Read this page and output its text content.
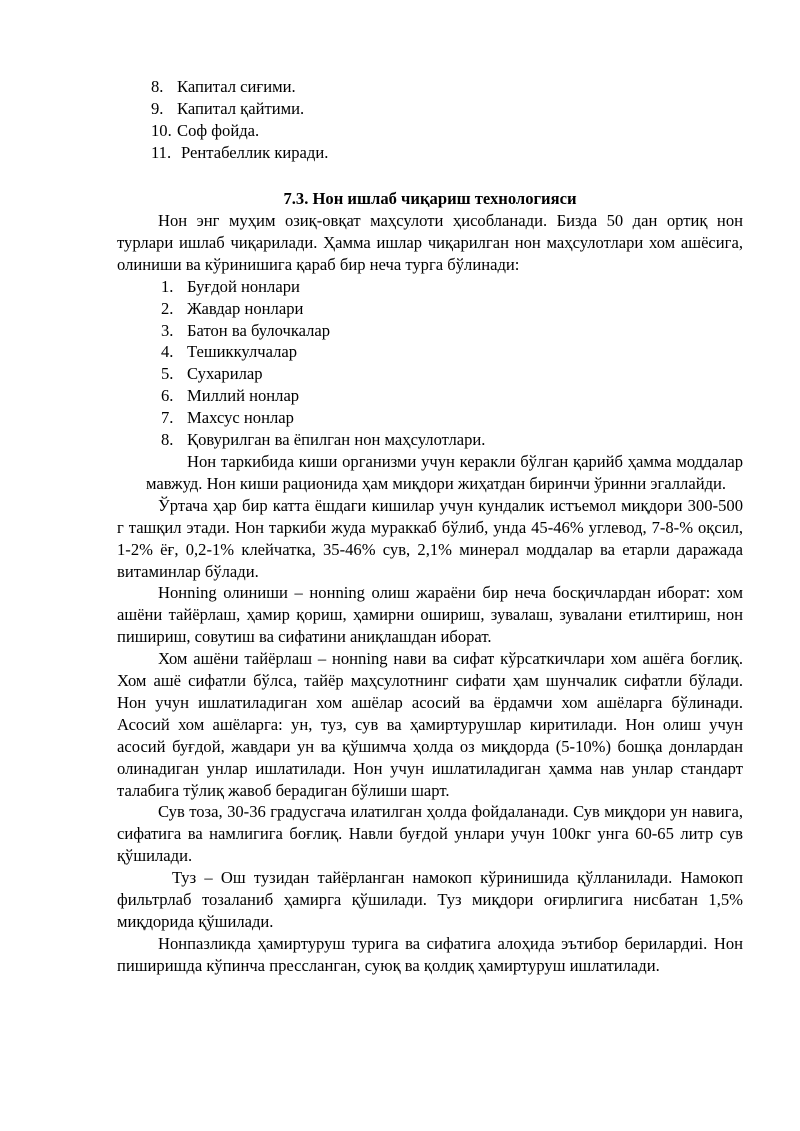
8. Капитал сиғими.
9. Капитал қайтими.
10. Соф фойда.
11. Рентабеллик киради.
7.3. Нон ишлаб чиқариш технологияси

Нон энг муҳим озиқ-овқат маҳсулоти ҳисобланади. Бизда 50 дан ортиқ нон турлари ишлаб чиқарилади. Ҳамма ишлар чиқарилган нон маҳсулотлари хом ашёсига, олиниши ва кўринишига қараб бир неча турга бўлинади:

1. Буғдой нонлари
2. Жавдар нонлари
3. Батон ва булочкалар
4. Тешиккулчалар
5. Сухарилар
6. Миллий нонлар
7. Махсус нонлар
8. Қовурилган ва ёпилган нон маҳсулотлари.

Нон таркибида киши организми учун керакли бўлган қарийб ҳамма моддалар мавжуд. Нон киши рационида ҳам миқдори жиҳатдан биринчи ўринни эгаллайди.

Ўртача ҳар бир катта ёшдаги кишилар учун кундалик истъемол миқдори 300-500 г ташқил этади. Нон таркиби жуда мураккаб бўлиб, унда 45-46% углевод, 7-8-% оқсил, 1-2% ёғ, 0,2-1% клейчатка, 35-46% сув, 2,1% минерал моддалар ва етарли даражада витаминлар бўлади.

Нонning олиниши – нонning олиш жараёни бир неча босқичлардан иборат: хом ашёни тайёрлаш, ҳамир қориш, ҳамирни ошириш, зувалаш, зувалани етилтириш, нон пишириш, совутиш ва сифатини аниқлашдан иборат.

Хом ашёни тайёрлаш – нонning нави ва сифат кўрсаткичлари хом ашёга боғлиқ. Хом ашё сифатли бўлса, тайёр маҳсулотнинг сифати ҳам шунчалик сифатли бўлади. Нон учун ишлатиладиган хом ашёлар асосий ва ёрдамчи хом ашёларга бўлинади. Асосий хом ашёларга: ун, туз, сув ва ҳамиртурушлар киритилади. Нон олиш учун асосий буғдой, жавдари ун ва қўшимча ҳолда оз миқдорда (5-10%) бошқа донлардан олинадиган унлар ишлатилади. Нон учун ишлатиладиган ҳамма нав унлар стандарт талабига тўлиқ жавоб берадиган бўлиши шарт.

Сув тоза, 30-36 градусгача илатилган ҳолда фойдаланади. Сув миқдори ун навига, сифатига ва намлигига боғлиқ. Навли буғдой унлари учун 100кг унга 60-65 литр сув қўшилади.

Туз – Ош тузидан тайёрланган намокоп кўринишида қўлланилади. Намокоп фильтрлаб тозаланиб ҳамирга қўшилади. Туз миқдори оғирлигига нисбатан 1,5% миқдорида қўшилади.

Нонпазликда ҳамиртуруш турига ва сифатига алоҳида эътибор берилардиi. Нон пиширишда кўпинча прессланган, суюқ ва қолдиқ ҳамиртуруш ишлатилади.
